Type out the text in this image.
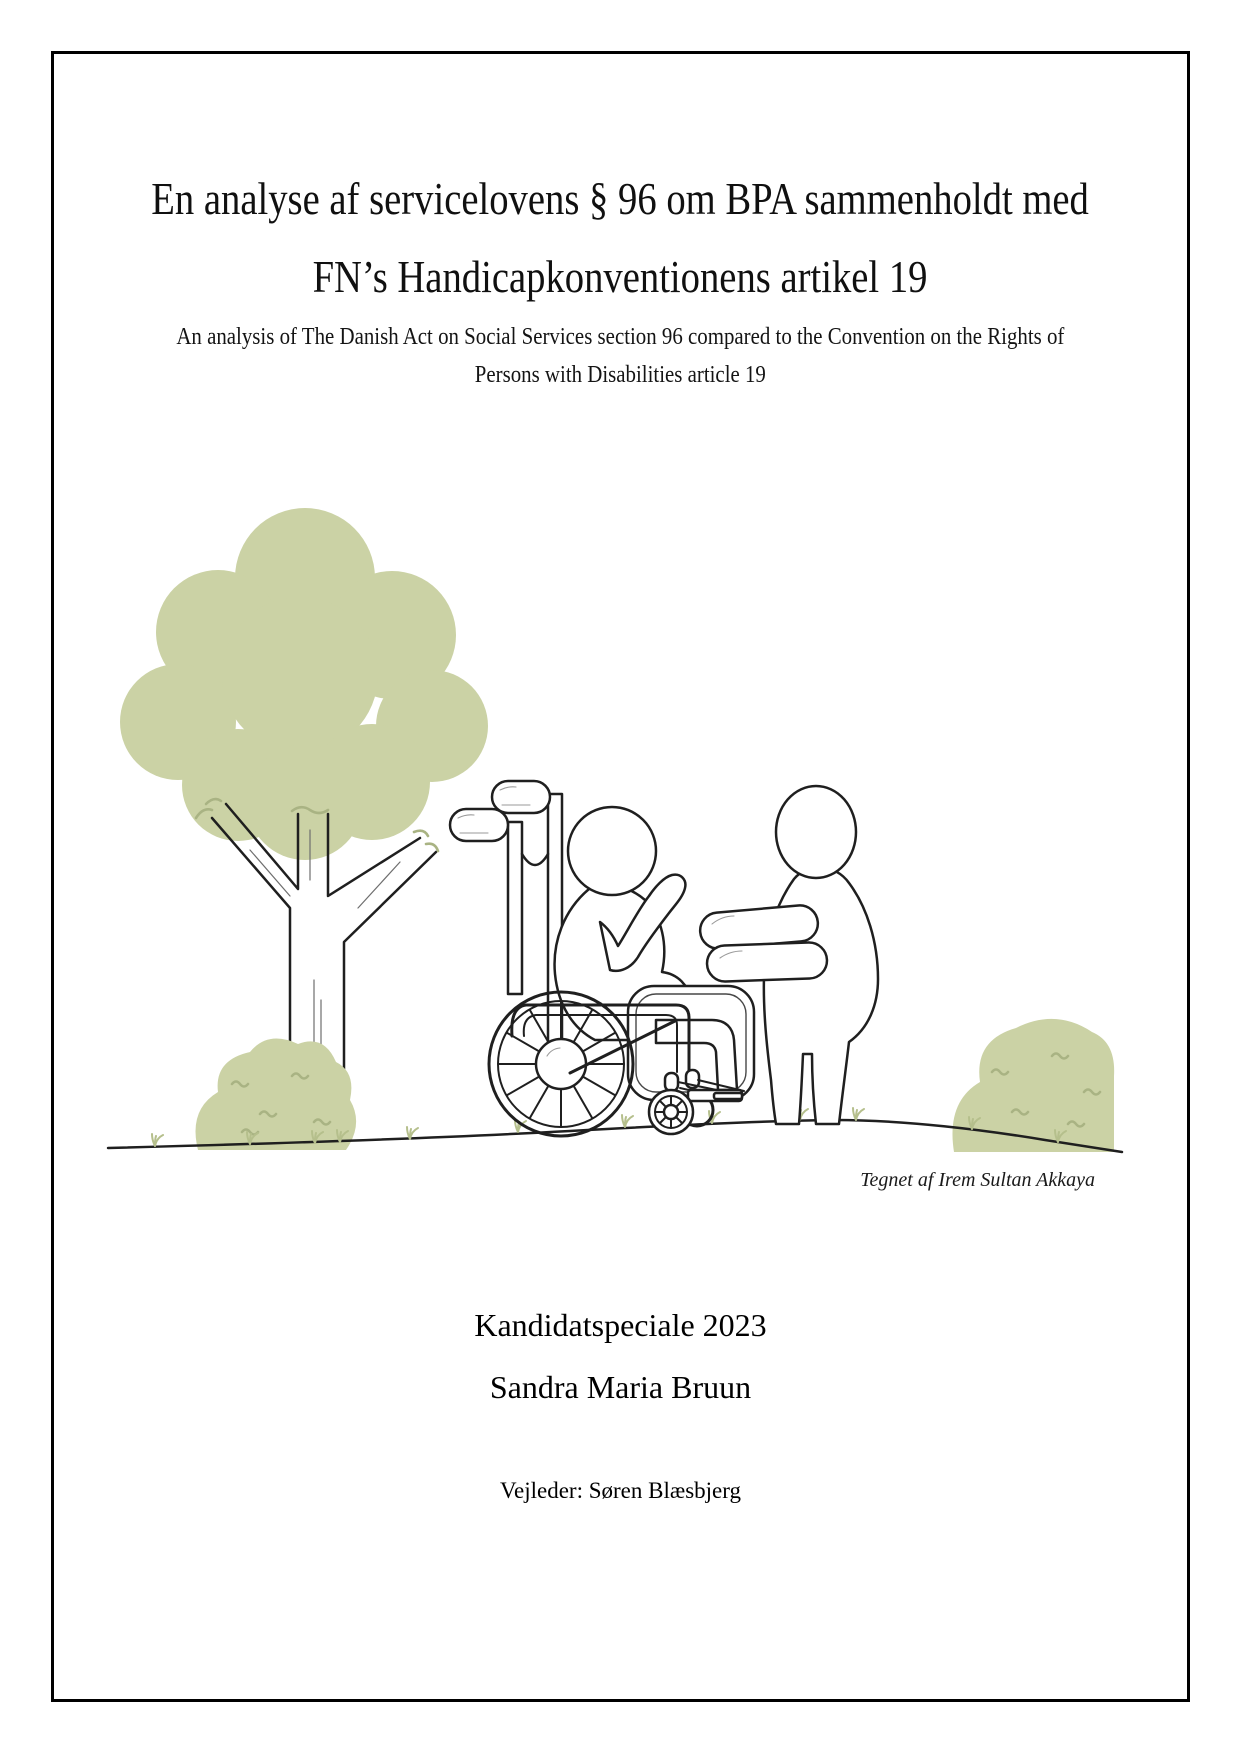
En analyse af servicelovens § 96 om BPA sammenholdt med
FN’s Handicapkonventionens artikel 19
An analysis of The Danish Act on Social Services section 96 compared to the Convention on the Rights of
Persons with Disabilities article 19
Tegnet af Irem Sultan Akkaya
Kandidatspeciale 2023
Sandra Maria Bruun
Vejleder: Søren Blæsbjerg
